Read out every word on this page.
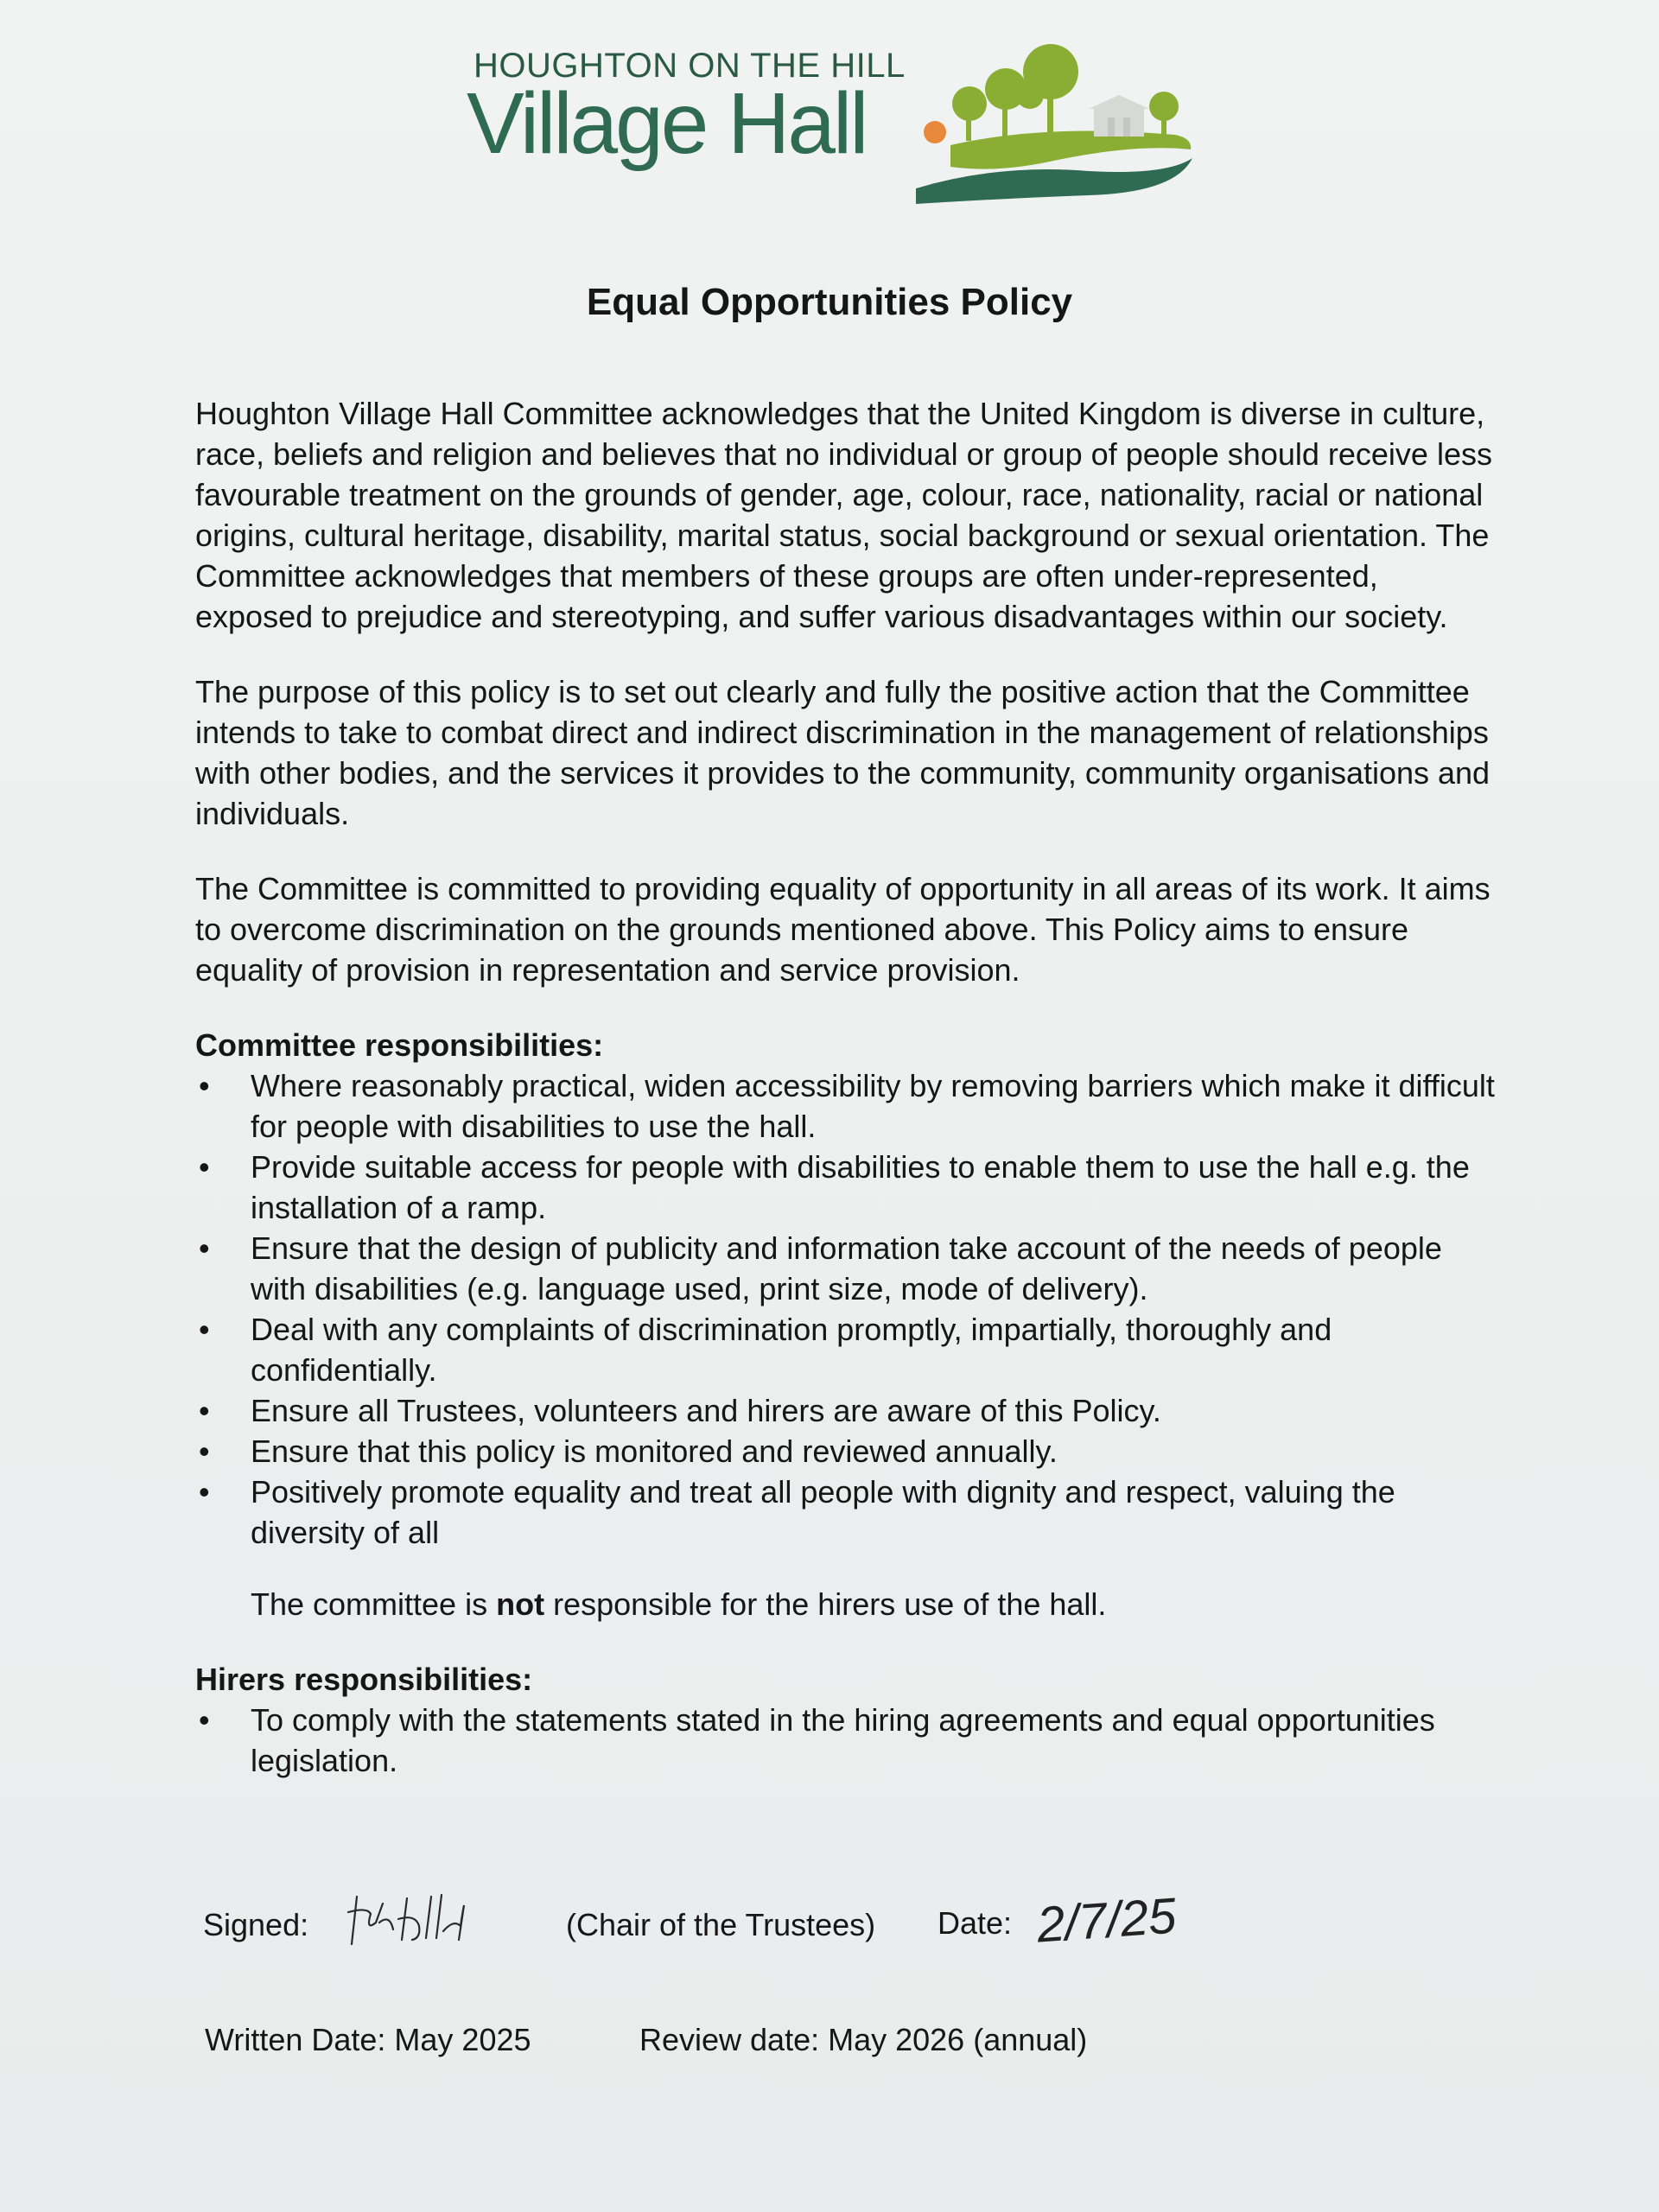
HOUGHTON ON THE HILL
Village Hall
Equal Opportunities Policy

Houghton Village Hall Committee acknowledges that the United Kingdom is diverse in culture, race, beliefs and religion and believes that no individual or group of people should receive less favourable treatment on the grounds of gender, age, colour, race, nationality, racial or national origins, cultural heritage, disability, marital status, social background or sexual orientation. The Committee acknowledges that members of these groups are often under-represented, exposed to prejudice and stereotyping, and suffer various disadvantages within our society.

The purpose of this policy is to set out clearly and fully the positive action that the Committee intends to take to combat direct and indirect discrimination in the management of relationships with other bodies, and the services it provides to the community, community organisations and individuals.

The Committee is committed to providing equality of opportunity in all areas of its work. It aims to overcome discrimination on the grounds mentioned above. This Policy aims to ensure equality of provision in representation and service provision.

Committee responsibilities:
• Where reasonably practical, widen accessibility by removing barriers which make it difficult for people with disabilities to use the hall.
• Provide suitable access for people with disabilities to enable them to use the hall e.g. the installation of a ramp.
• Ensure that the design of publicity and information take account of the needs of people with disabilities (e.g. language used, print size, mode of delivery).
• Deal with any complaints of discrimination promptly, impartially, thoroughly and confidentially.
• Ensure all Trustees, volunteers and hirers are aware of this Policy.
• Ensure that this policy is monitored and reviewed annually.
• Positively promote equality and treat all people with dignity and respect, valuing the diversity of all

The committee is not responsible for the hirers use of the hall.

Hirers responsibilities:
• To comply with the statements stated in the hiring agreements and equal opportunities legislation.
Signed:	(Chair of the Trustees) Date: 2/7/25
Written Date: May 2025	Review date: May 2026 (annual)
